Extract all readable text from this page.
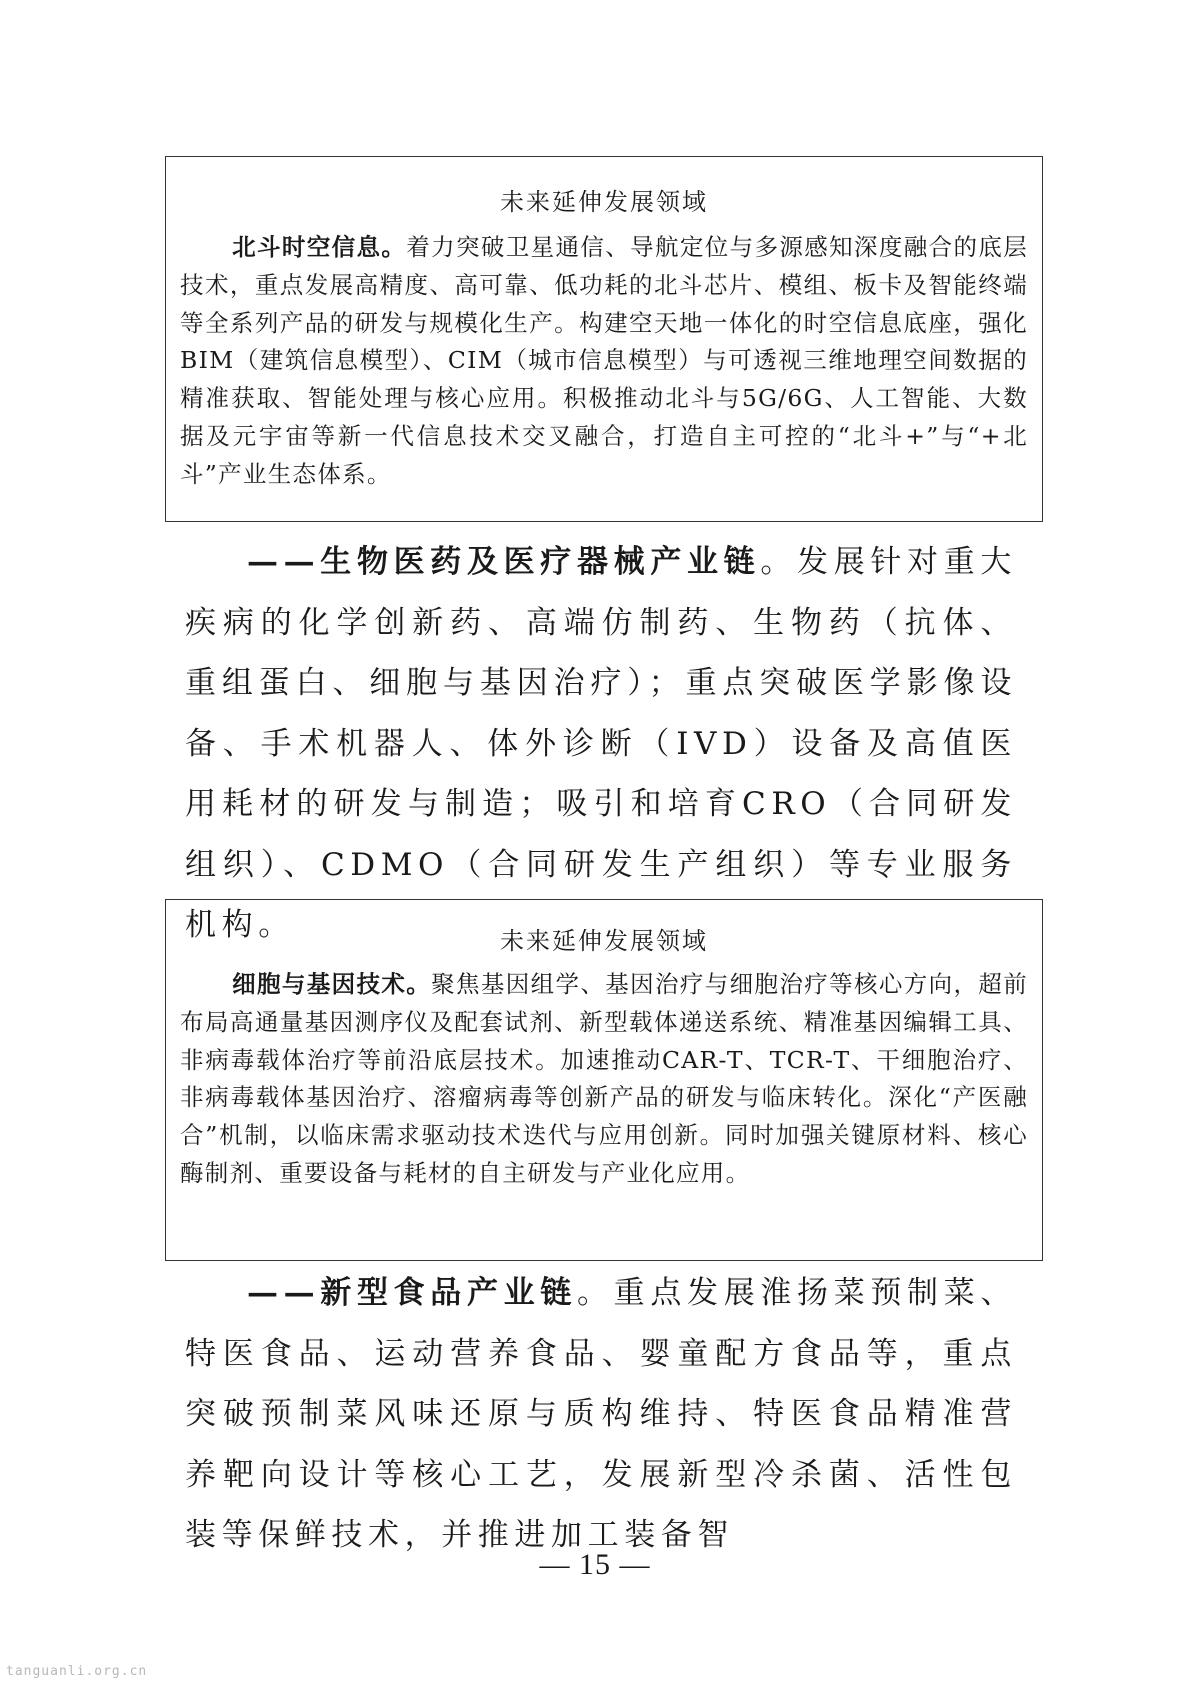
未来延伸发展领域
北斗时空信息。着力突破卫星通信、导航定位与多源感知深度融合的底层技术，重点发展高精度、高可靠、低功耗的北斗芯片、模组、板卡及智能终端等全系列产品的研发与规模化生产。构建空天地一体化的时空信息底座，强化BIM（建筑信息模型）、CIM（城市信息模型）与可透视三维地理空间数据的精准获取、智能处理与核心应用。积极推动北斗与5G/6G、人工智能、大数据及元宇宙等新一代信息技术交叉融合，打造自主可控的“北斗+”与“+北斗”产业生态体系。
——生物医药及医疗器械产业链。发展针对重大疾病的化学创新药、高端仿制药、生物药（抗体、重组蛋白、细胞与基因治疗）；重点突破医学影像设备、手术机器人、体外诊断（IVD）设备及高值医用耗材的研发与制造；吸引和培育CRO（合同研发组织）、CDMO（合同研发生产组织）等专业服务机构。	未来延伸发展领域
细胞与基因技术。聚焦基因组学、基因治疗与细胞治疗等核心方向，超前布局高通量基因测序仪及配套试剂、新型载体递送系统、精准基因编辑工具、非病毒载体治疗等前沿底层技术。加速推动CAR-T、TCR-T、干细胞治疗、非病毒载体基因治疗、溶瘤病毒等创新产品的研发与临床转化。深化“产医融合”机制，以临床需求驱动技术迭代与应用创新。同时加强关键原材料、核心酶制剂、重要设备与耗材的自主研发与产业化应用。
——新型食品产业链。重点发展淮扬菜预制菜、特医食品、运动营养食品、婴童配方食品等，重点突破预制菜风味还原与质构维持、特医食品精准营养靶向设计等核心工艺，发展新型冷杀菌、活性包装等保鲜技术，并推进加工装备智
— 15 —
tanguanli.org.cn
